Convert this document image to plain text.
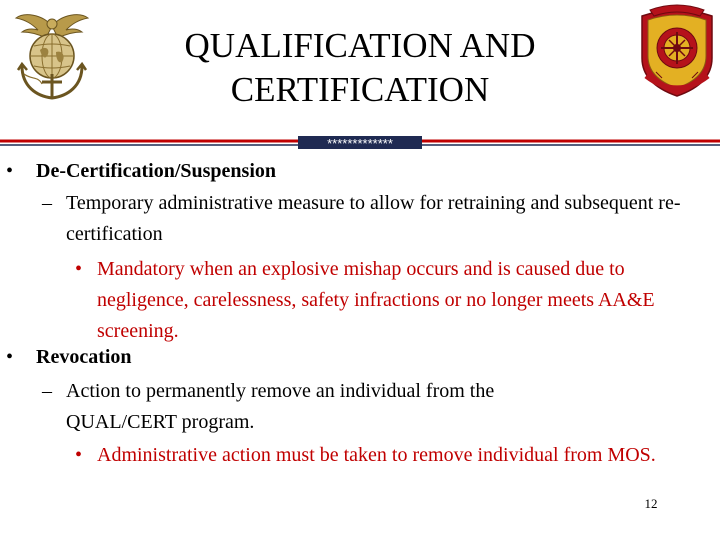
QUALIFICATION AND
CERTIFICATION
*************
• De-Certification/Suspension
– Temporary administrative measure to allow for retraining and subsequent re-certification
• Mandatory when an explosive mishap occurs and is caused due to negligence, carelessness, safety infractions or no longer meets AA&E screening.
• Revocation
– Action to permanently remove an individual from the QUAL/CERT program.
• Administrative action must be taken to remove individual from MOS.
12
